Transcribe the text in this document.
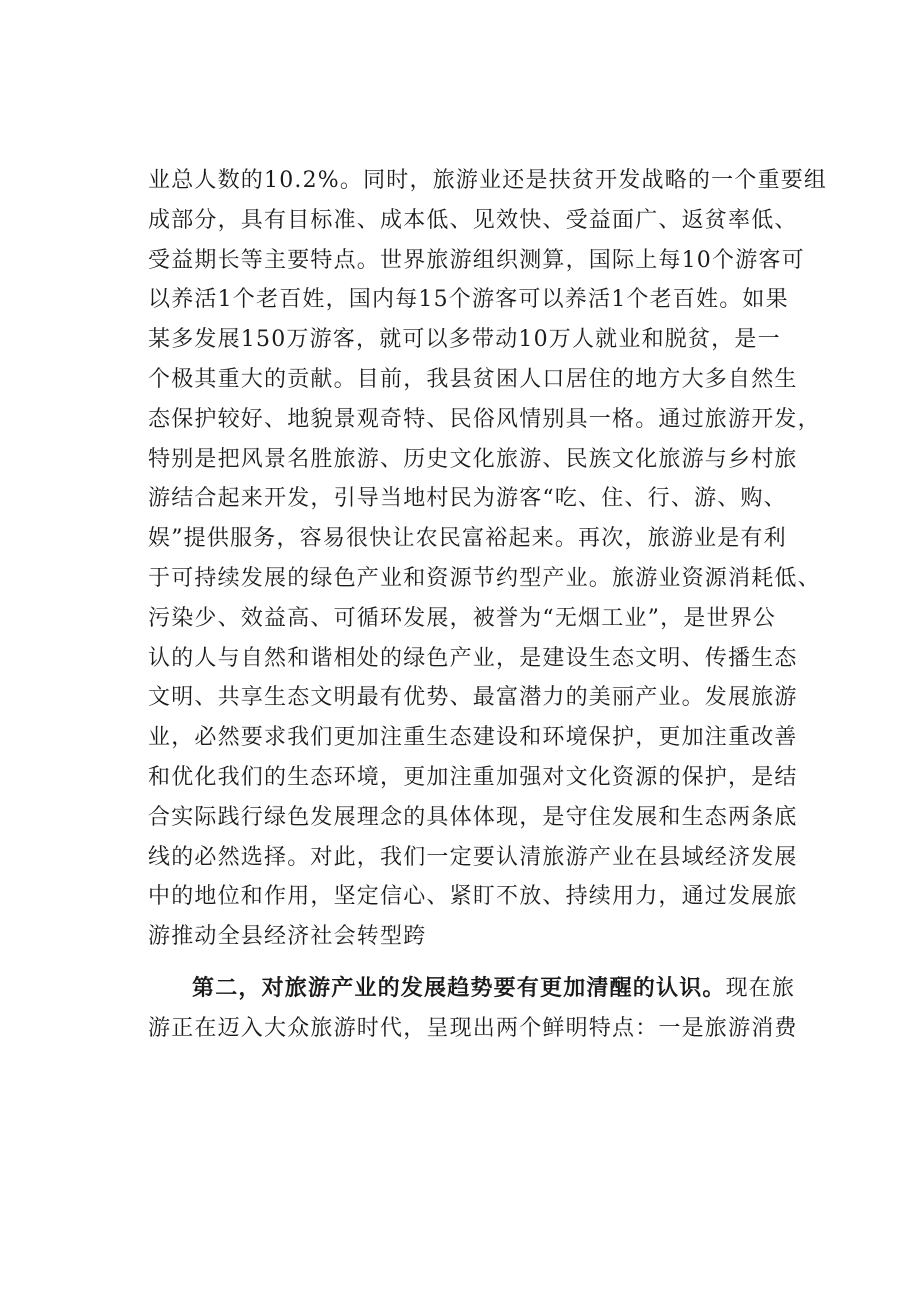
业总人数的10.2%。同时，旅游业还是扶贫开发战略的一个重要组
成部分，具有目标准、成本低、见效快、受益面广、返贫率低、
受益期长等主要特点。世界旅游组织测算，国际上每10个游客可
以养活1个老百姓，国内每15个游客可以养活1个老百姓。如果
某多发展150万游客，就可以多带动10万人就业和脱贫，是一
个极其重大的贡献。目前，我县贫困人口居住的地方大多自然生
态保护较好、地貌景观奇特、民俗风情别具一格。通过旅游开发，
特别是把风景名胜旅游、历史文化旅游、民族文化旅游与乡村旅
游结合起来开发，引导当地村民为游客“吃、住、行、游、购、
娱”提供服务，容易很快让农民富裕起来。再次，旅游业是有利
于可持续发展的绿色产业和资源节约型产业。旅游业资源消耗低、
污染少、效益高、可循环发展，被誉为“无烟工业”，是世界公
认的人与自然和谐相处的绿色产业，是建设生态文明、传播生态
文明、共享生态文明最有优势、最富潜力的美丽产业。发展旅游
业，必然要求我们更加注重生态建设和环境保护，更加注重改善
和优化我们的生态环境，更加注重加强对文化资源的保护，是结
合实际践行绿色发展理念的具体体现，是守住发展和生态两条底
线的必然选择。对此，我们一定要认清旅游产业在县域经济发展
中的地位和作用，坚定信心、紧盯不放、持续用力，通过发展旅
游推动全县经济社会转型跨
第二，对旅游产业的发展趋势要有更加清醒的认识。现在旅
游正在迈入大众旅游时代，呈现出两个鲜明特点：一是旅游消费
